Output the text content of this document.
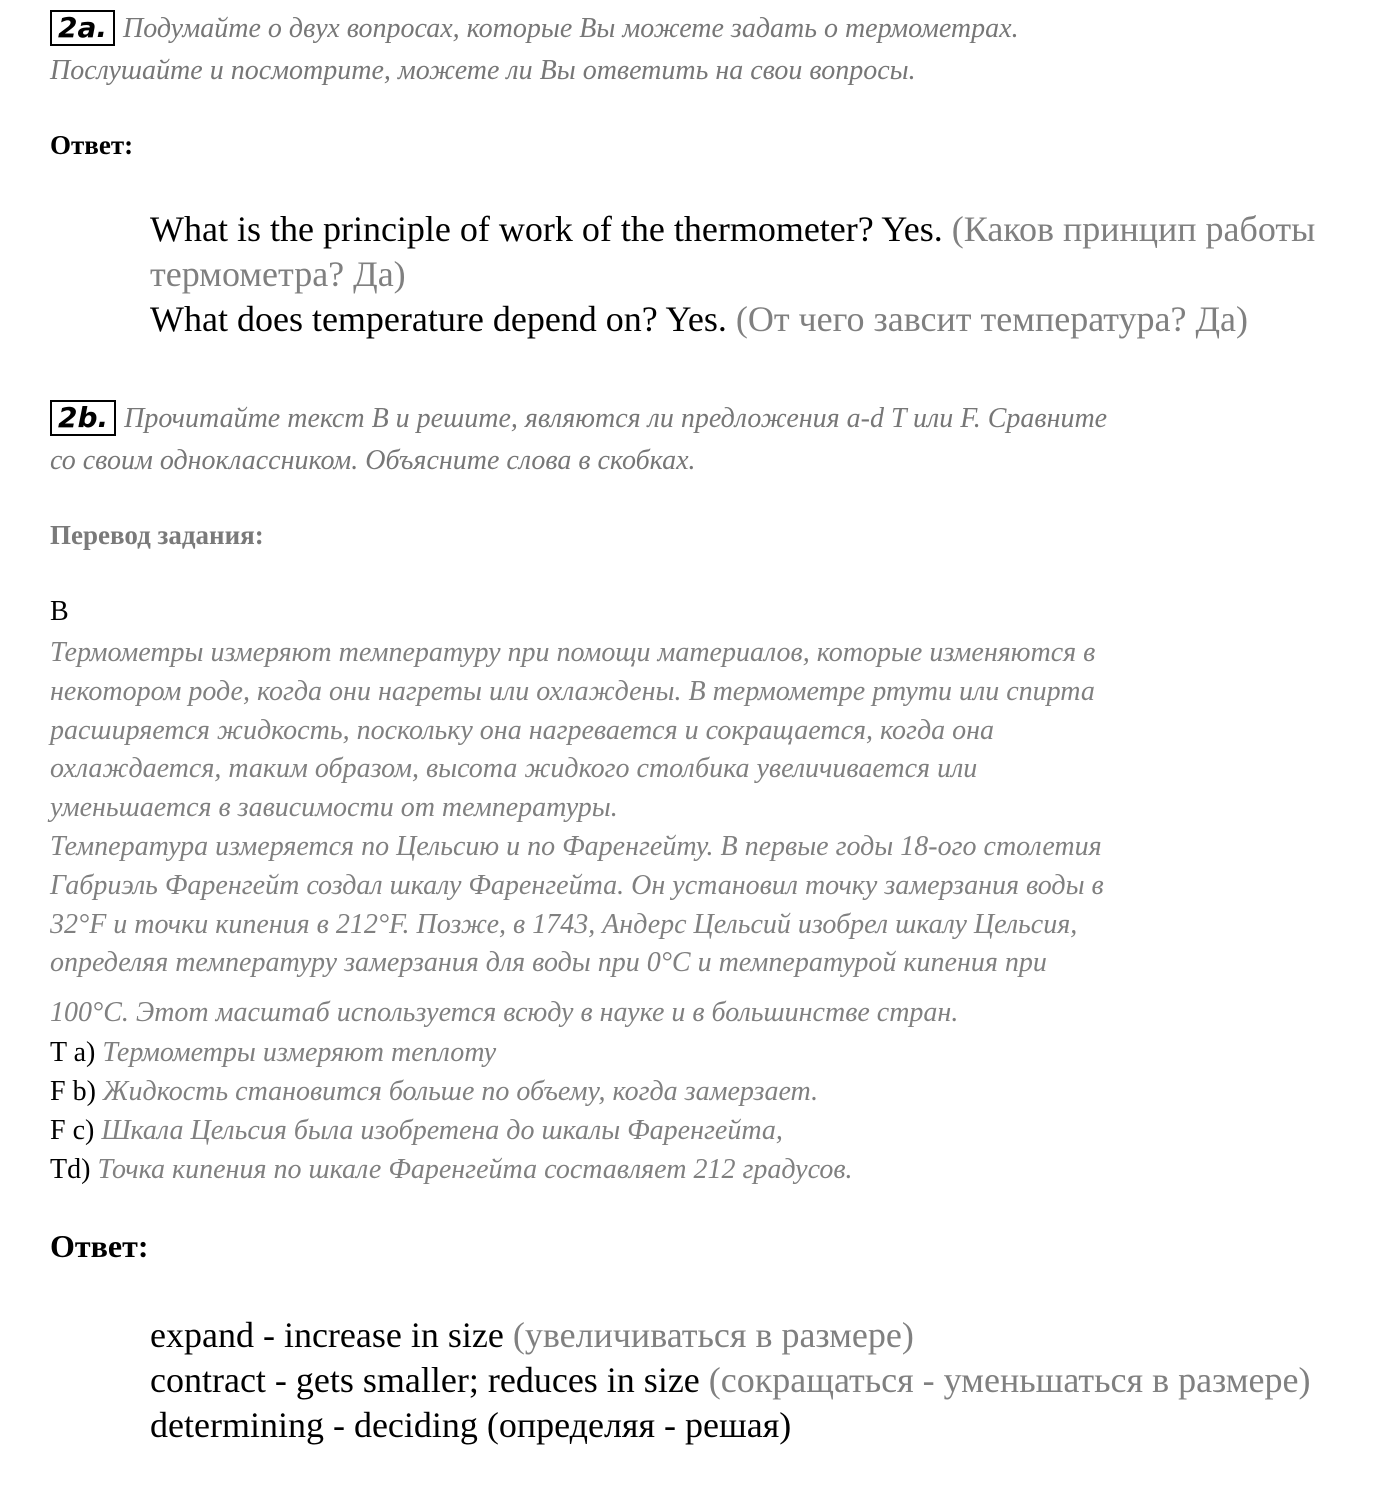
2a. Подумайте о двух вопросах, которые Вы можете задать о термометрах.
Послушайте и посмотрите, можете ли Вы ответить на свои вопросы.
Ответ:
What is the principle of work of the thermometer? Yes. (Каков принцип работы термометра? Да)
What does temperature depend on? Yes. (От чего завсит температура? Да)
2b. Прочитайте текст B и решите, являются ли предложения a-d T или F. Сравните
со своим одноклассником. Объясните слова в скобках.
Перевод задания:
B
Термометры измеряют температуру при помощи материалов, которые изменяются в
некотором роде, когда они нагреты или охлаждены. В термометре ртути или спирта
расширяется жидкость, поскольку она нагревается и сокращается, когда она
охлаждается, таким образом, высота жидкого столбика увеличивается или
уменьшается в зависимости от температуры.
Температура измеряется по Цельсию и по Фаренгейту. В первые годы 18-ого столетия
Габриэль Фаренгейт создал шкалу Фаренгейта. Он установил точку замерзания воды в
32°F и точки кипения в 212°F. Позже, в 1743, Андерс Цельсий изобрел шкалу Цельсия,
определяя температуру замерзания для воды при 0°C и температурой кипения при
100°C. Этот масштаб используется всюду в науке и в большинстве стран.
T a) Термометры измеряют теплоту
F b) Жидкость становится больше по объему, когда замерзает.
F c) Шкала Цельсия была изобретена до шкалы Фаренгейта,
Td) Точка кипения по шкале Фаренгейта составляет 212 градусов.
Ответ:
expand - increase in size (увеличиваться в размере)
contract - gets smaller; reduces in size (сокращаться - уменьшаться в размере)
determining - deciding (определяя - решая)
